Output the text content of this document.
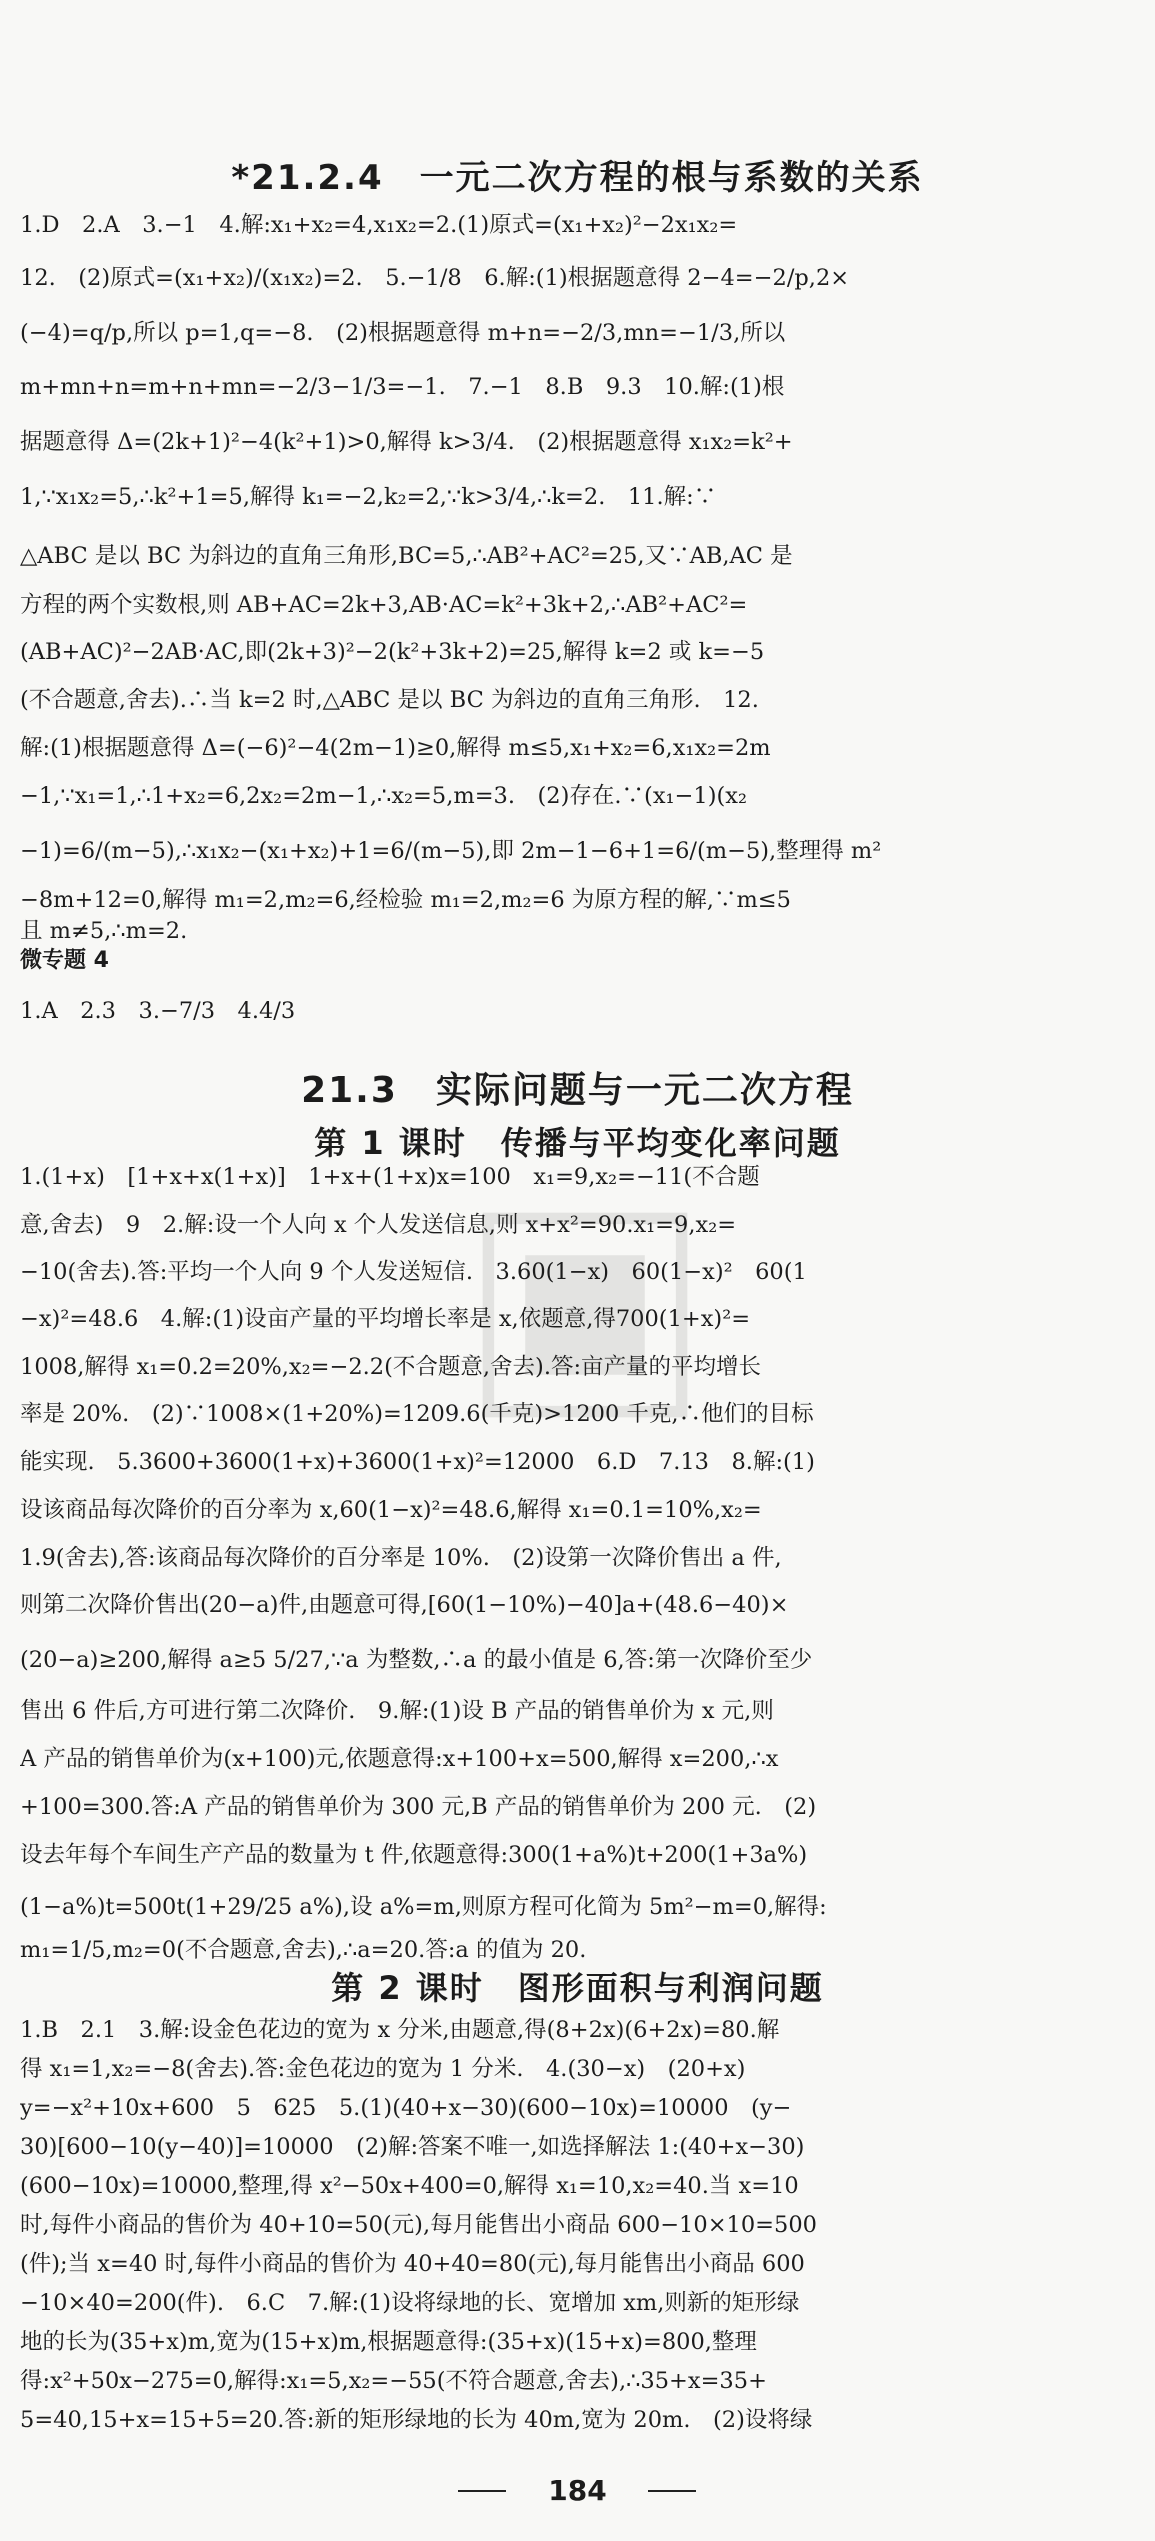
*21.2.4　一元二次方程的根与系数的关系
1.D　2.A　3.−1　4.解:x₁+x₂=4,x₁x₂=2.(1)原式=(x₁+x₂)²−2x₁x₂=
12.　(2)原式=(x₁+x₂)/(x₁x₂)=2.　5.−1/8　6.解:(1)根据题意得 2−4=−2/p,2×
(−4)=q/p,所以 p=1,q=−8.　(2)根据题意得 m+n=−2/3,mn=−1/3,所以
m+mn+n=m+n+mn=−2/3−1/3=−1.　7.−1　8.B　9.3　10.解:(1)根
据题意得 Δ=(2k+1)²−4(k²+1)>0,解得 k>3/4.　(2)根据题意得 x₁x₂=k²+
1,∵x₁x₂=5,∴k²+1=5,解得 k₁=−2,k₂=2,∵k>3/4,∴k=2.　11.解:∵
△ABC 是以 BC 为斜边的直角三角形,BC=5,∴AB²+AC²=25,又∵AB,AC 是
方程的两个实数根,则 AB+AC=2k+3,AB·AC=k²+3k+2,∴AB²+AC²=
(AB+AC)²−2AB·AC,即(2k+3)²−2(k²+3k+2)=25,解得 k=2 或 k=−5
(不合题意,舍去).∴当 k=2 时,△ABC 是以 BC 为斜边的直角三角形.　12.
解:(1)根据题意得 Δ=(−6)²−4(2m−1)≥0,解得 m≤5,x₁+x₂=6,x₁x₂=2m
−1,∵x₁=1,∴1+x₂=6,2x₂=2m−1,∴x₂=5,m=3.　(2)存在.∵(x₁−1)(x₂
−1)=6/(m−5),∴x₁x₂−(x₁+x₂)+1=6/(m−5),即 2m−1−6+1=6/(m−5),整理得 m²
−8m+12=0,解得 m₁=2,m₂=6,经检验 m₁=2,m₂=6 为原方程的解,∵m≤5
且 m≠5,∴m=2.
微专题 4
1.A　2.3　3.−7/3　4.4/3
21.3　实际问题与一元二次方程
第 1 课时　传播与平均变化率问题
1.(1+x)　[1+x+x(1+x)]　1+x+(1+x)x=100　x₁=9,x₂=−11(不合题
意,舍去)　9　2.解:设一个人向 x 个人发送信息,则 x+x²=90.x₁=9,x₂=
−10(舍去).答:平均一个人向 9 个人发送短信.　3.60(1−x)　60(1−x)²　60(1
−x)²=48.6　4.解:(1)设亩产量的平均增长率是 x,依题意,得700(1+x)²=
1008,解得 x₁=0.2=20%,x₂=−2.2(不合题意,舍去).答:亩产量的平均增长
率是 20%.　(2)∵1008×(1+20%)=1209.6(千克)>1200 千克,∴他们的目标
能实现.　5.3600+3600(1+x)+3600(1+x)²=12000　6.D　7.13　8.解:(1)
设该商品每次降价的百分率为 x,60(1−x)²=48.6,解得 x₁=0.1=10%,x₂=
1.9(舍去),答:该商品每次降价的百分率是 10%.　(2)设第一次降价售出 a 件,
则第二次降价售出(20−a)件,由题意可得,[60(1−10%)−40]a+(48.6−40)×
(20−a)≥200,解得 a≥5 5/27,∵a 为整数,∴a 的最小值是 6,答:第一次降价至少
售出 6 件后,方可进行第二次降价.　9.解:(1)设 B 产品的销售单价为 x 元,则
A 产品的销售单价为(x+100)元,依题意得:x+100+x=500,解得 x=200,∴x
+100=300.答:A 产品的销售单价为 300 元,B 产品的销售单价为 200 元.　(2)
第 2 课时　图形面积与利润问题
设去年每个车间生产产品的数量为 t 件,依题意得:300(1+a%)t+200(1+3a%)
(1−a%)t=500t(1+29/25 a%),设 a%=m,则原方程可化简为 5m²−m=0,解得:
m₁=1/5,m₂=0(不合题意,舍去),∴a=20.答:a 的值为 20.
1.B　2.1　3.解:设金色花边的宽为 x 分米,由题意,得(8+2x)(6+2x)=80.解
得 x₁=1,x₂=−8(舍去).答:金色花边的宽为 1 分米.　4.(30−x)　(20+x)
y=−x²+10x+600　5　625　5.(1)(40+x−30)(600−10x)=10000　(y−
30)[600−10(y−40)]=10000　(2)解:答案不唯一,如选择解法 1:(40+x−30)
(600−10x)=10000,整理,得 x²−50x+400=0,解得 x₁=10,x₂=40.当 x=10
时,每件小商品的售价为 40+10=50(元),每月能售出小商品 600−10×10=500
(件);当 x=40 时,每件小商品的售价为 40+40=80(元),每月能售出小商品 600
−10×40=200(件).　6.C　7.解:(1)设将绿地的长、宽增加 xm,则新的矩形绿
地的长为(35+x)m,宽为(15+x)m,根据题意得:(35+x)(15+x)=800,整理
得:x²+50x−275=0,解得:x₁=5,x₂=−55(不符合题意,舍去),∴35+x=35+
5=40,15+x=15+5=20.答:新的矩形绿地的长为 40m,宽为 20m.　(2)设将绿
184
